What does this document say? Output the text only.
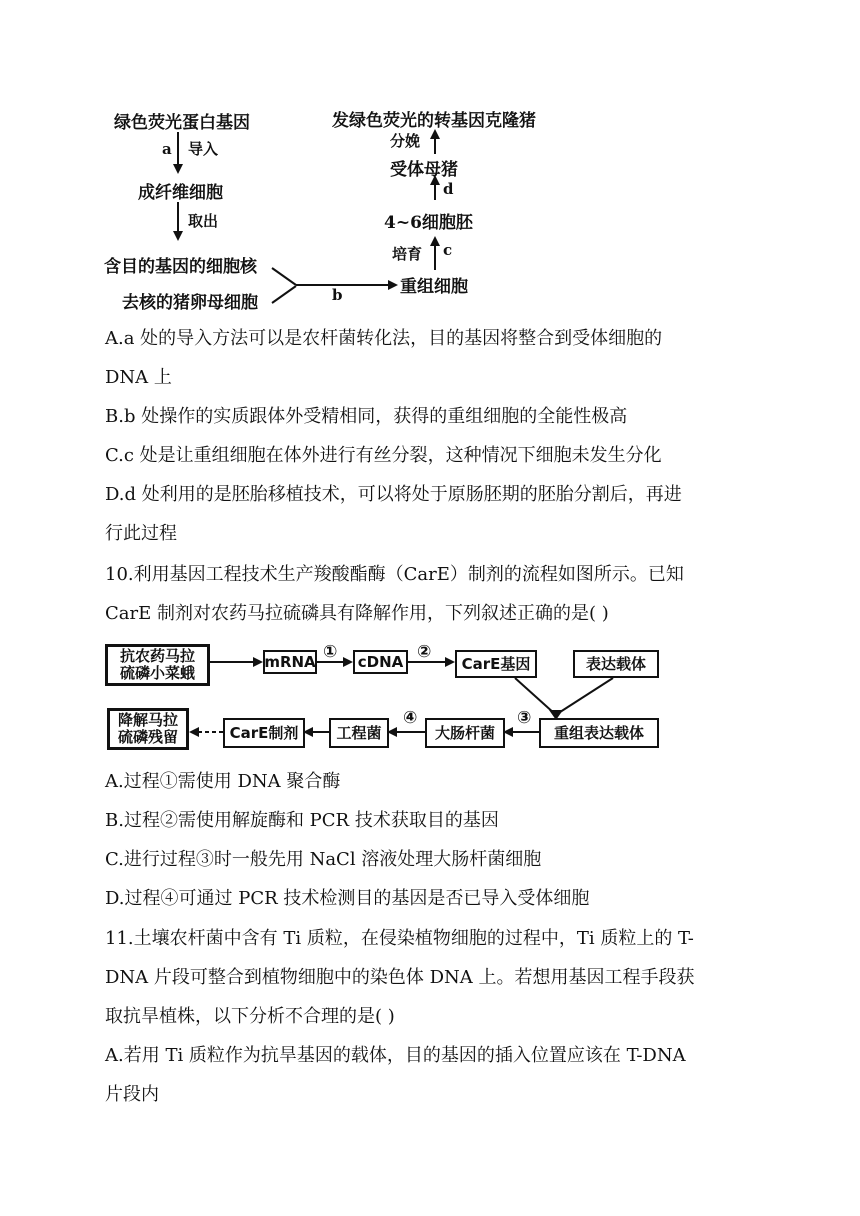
绿色荧光蛋白基因
a 导入
成纤维细胞
取出
含目的基因的细胞核
去核的猪卵母细胞	b	重组细胞
培育 c
4~6细胞胚
d
受体母猪
分娩
发绿色荧光的转基因克隆猪
A.a 处的导入方法可以是农杆菌转化法，目的基因将整合到受体细胞的
DNA 上
B.b 处操作的实质跟体外受精相同，获得的重组细胞的全能性极高
C.c 处是让重组细胞在体外进行有丝分裂，这种情况下细胞未发生分化
D.d 处利用的是胚胎移植技术，可以将处于原肠胚期的胚胎分割后，再进
行此过程
10.利用基因工程技术生产羧酸酯酶（CarE）制剂的流程如图所示。已知
CarE 制剂对农药马拉硫磷具有降解作用，下列叙述正确的是( )
抗农药马拉
硫磷小菜蛾
mRNA ① cDNA ②
CarE基因	表达载体
重组表达载体
③
大肠杆菌
④
工程菌
CarE制剂
降解马拉
硫磷残留
A.过程①需使用 DNA 聚合酶
B.过程②需使用解旋酶和 PCR 技术获取目的基因
C.进行过程③时一般先用 NaCl 溶液处理大肠杆菌细胞
D.过程④可通过 PCR 技术检测目的基因是否已导入受体细胞
11.土壤农杆菌中含有 Ti 质粒，在侵染植物细胞的过程中，Ti 质粒上的 T-
DNA 片段可整合到植物细胞中的染色体 DNA 上。若想用基因工程手段获
取抗旱植株，以下分析不合理的是( )
A.若用 Ti 质粒作为抗旱基因的载体，目的基因的插入位置应该在 T-DNA
片段内
